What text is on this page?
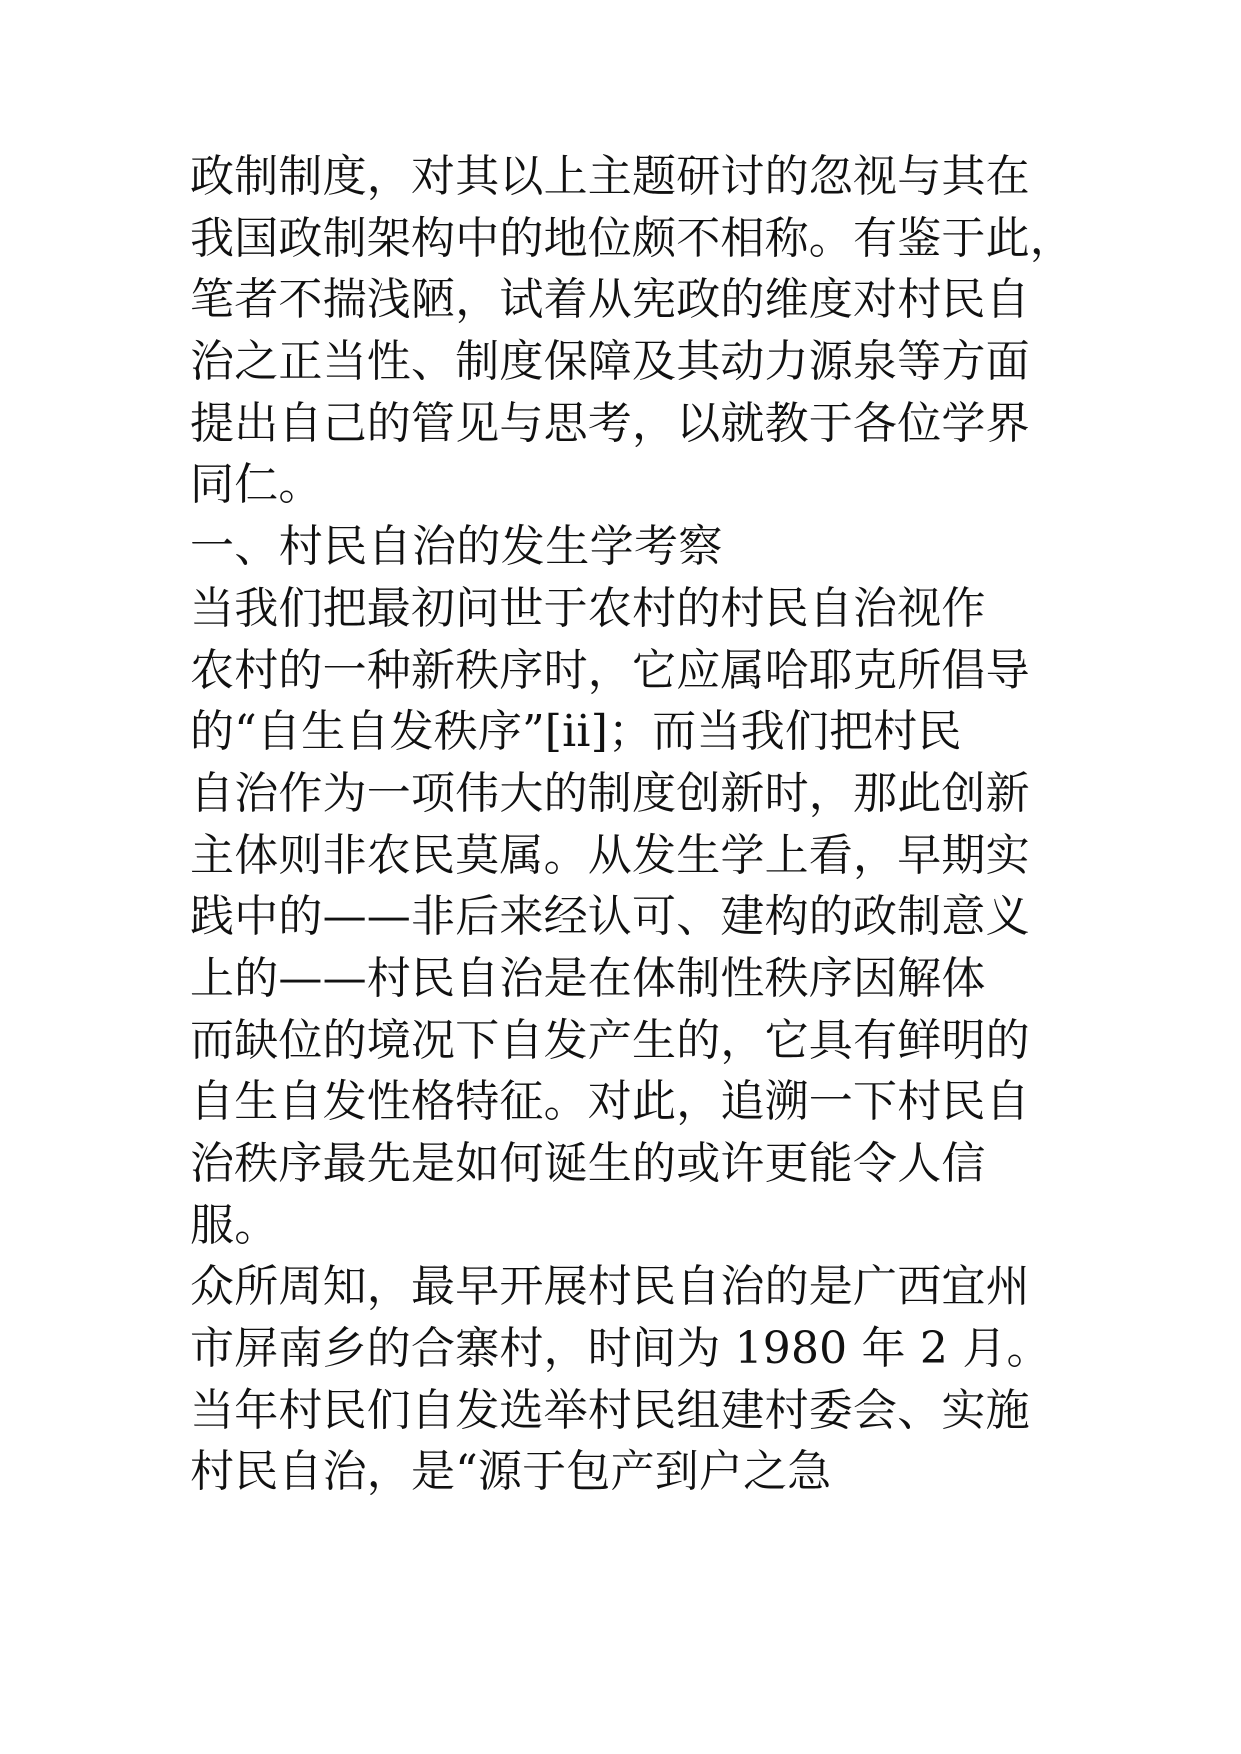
政制制度，对其以上主题研讨的忽视与其在
我国政制架构中的地位颇不相称。有鉴于此，
笔者不揣浅陋，试着从宪政的维度对村民自
治之正当性、制度保障及其动力源泉等方面
提出自己的管见与思考，以就教于各位学界
同仁。
一、村民自治的发生学考察
当我们把最初问世于农村的村民自治视作
农村的一种新秩序时，它应属哈耶克所倡导
的“自生自发秩序”[ii]；而当我们把村民
自治作为一项伟大的制度创新时，那此创新
主体则非农民莫属。从发生学上看，早期实
践中的——非后来经认可、建构的政制意义
上的——村民自治是在体制性秩序因解体
而缺位的境况下自发产生的，它具有鲜明的
自生自发性格特征。对此，追溯一下村民自
治秩序最先是如何诞生的或许更能令人信
服。
众所周知，最早开展村民自治的是广西宜州
市屏南乡的合寨村，时间为 1980 年 2 月。
当年村民们自发选举村民组建村委会、实施
村民自治，是“源于包产到户之急
